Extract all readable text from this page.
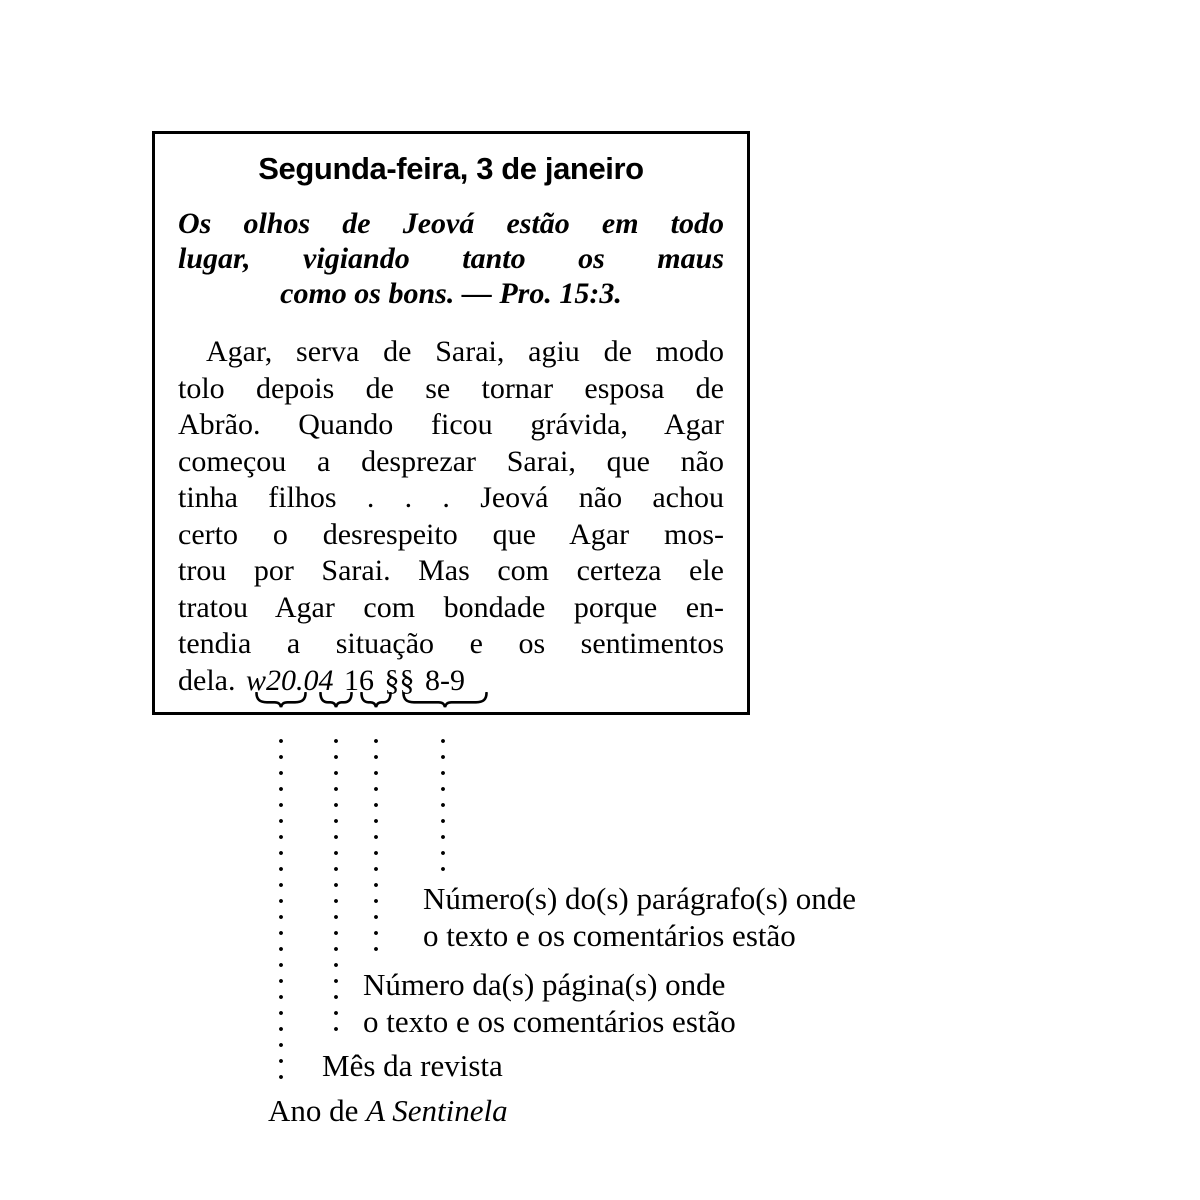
Segunda-feira, 3 de janeiro
Os olhos de Jeová estão em todo
lugar, vigiando tanto os maus
como os bons. — Pro. 15:3.
Agar, serva de Sarai, agiu de modo
tolo depois de se tornar esposa de
Abrão. Quando ficou grávida, Agar
começou a desprezar Sarai, que não
tinha filhos . . . Jeová não achou
certo o desrespeito que Agar mos-
trou por Sarai. Mas com certeza ele
tratou Agar com bondade porque en-
tendia a situação e os sentimentos
dela. w20.04 16 §§ 8-9
Número(s) do(s) parágrafo(s) onde
o texto e os comentários estão
Número da(s) página(s) onde
o texto e os comentários estão
Mês da revista
Ano de A Sentinela
